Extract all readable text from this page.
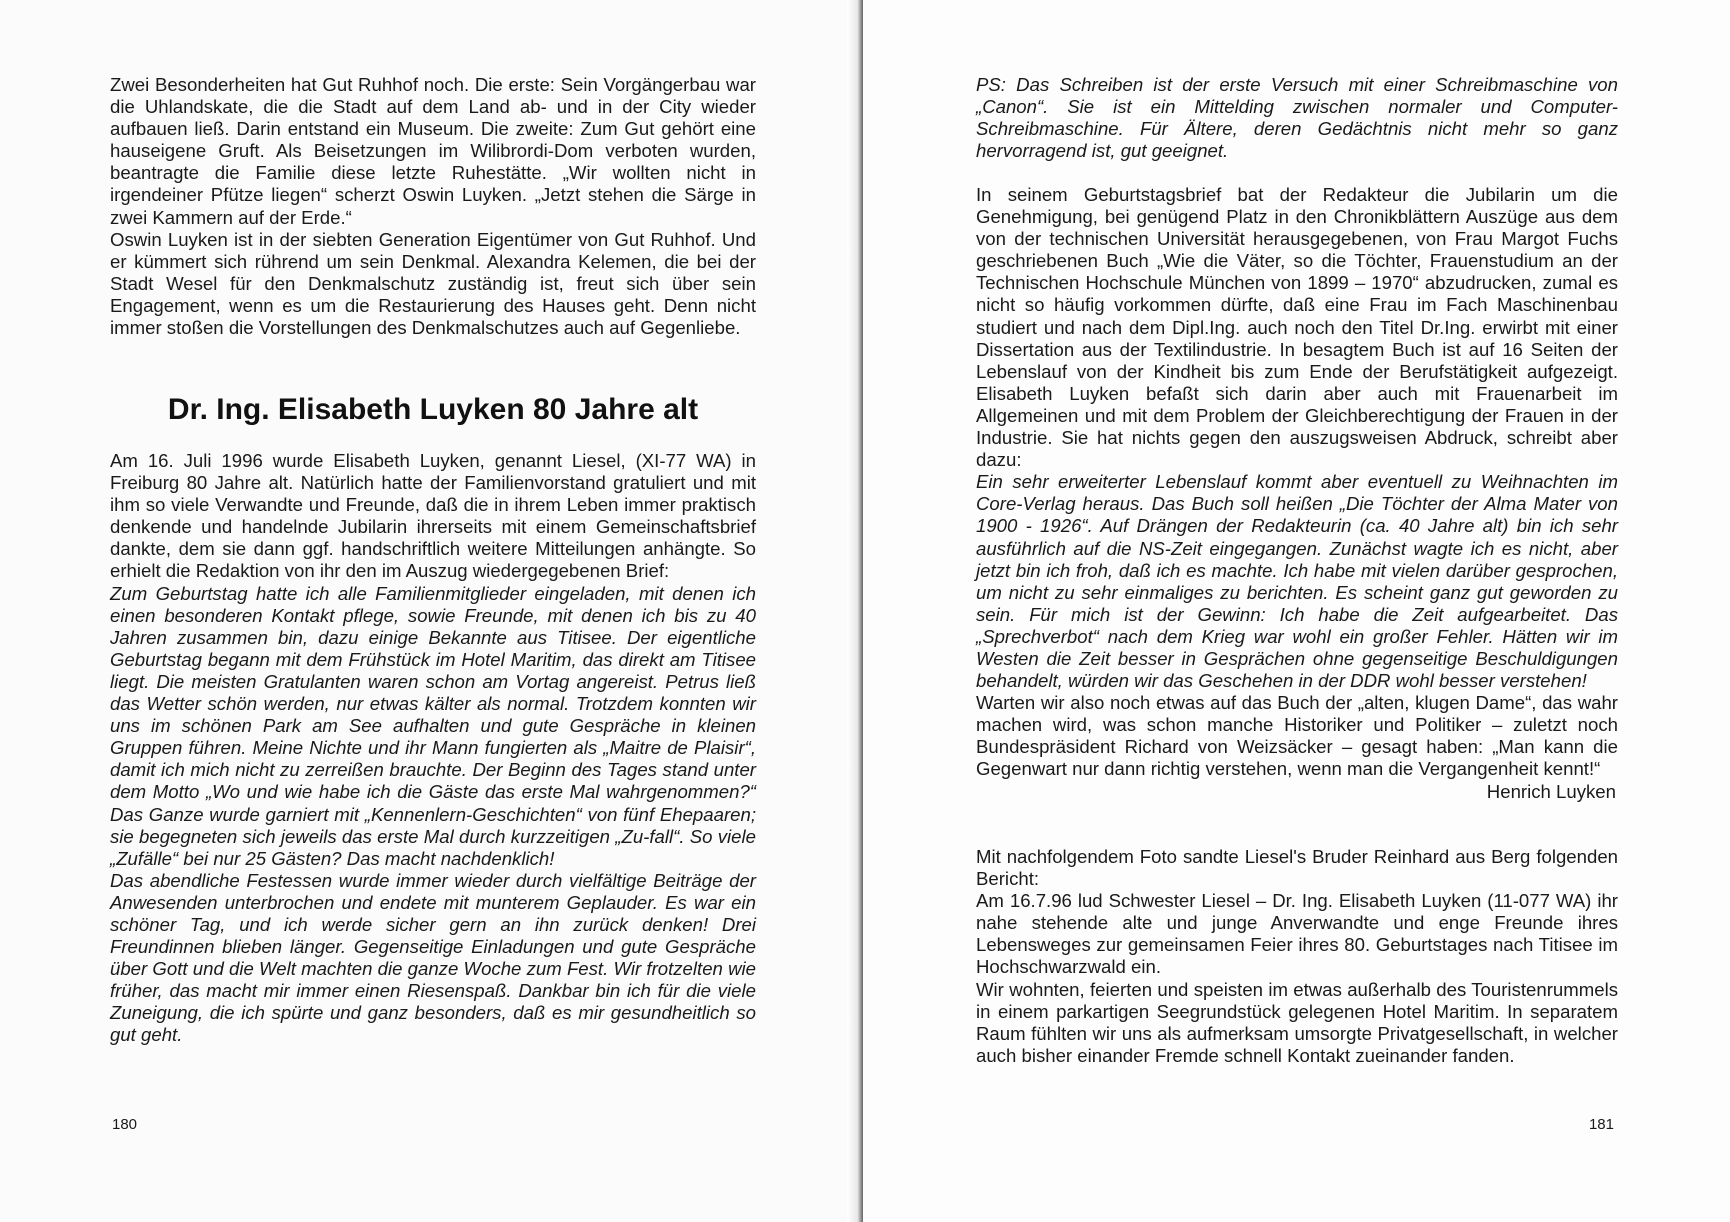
Zwei Besonderheiten hat Gut Ruhhof noch. Die erste: Sein Vorgängerbau war die Uhlandskate, die die Stadt auf dem Land ab- und in der City wieder aufbauen ließ. Darin entstand ein Museum. Die zweite: Zum Gut gehört eine hauseigene Gruft. Als Beisetzungen im Wilibrordi-Dom verboten wurden, beantragte die Familie diese letzte Ruhestätte. „Wir wollten nicht in irgendeiner Pfütze liegen“ scherzt Oswin Luyken. „Jetzt stehen die Särge in zwei Kammern auf der Erde.“

Oswin Luyken ist in der siebten Generation Eigentümer von Gut Ruhhof. Und er kümmert sich rührend um sein Denkmal. Alexandra Kelemen, die bei der Stadt Wesel für den Denkmalschutz zuständig ist, freut sich über sein Engagement, wenn es um die Restaurierung des Hauses geht. Denn nicht immer stoßen die Vorstellungen des Denkmalschutzes auch auf Gegenliebe.

Dr. Ing. Elisabeth Luyken 80 Jahre alt

Am 16. Juli 1996 wurde Elisabeth Luyken, genannt Liesel, (XI-77 WA) in Freiburg 80 Jahre alt. Natürlich hatte der Familienvorstand gratuliert und mit ihm so viele Verwandte und Freunde, daß die in ihrem Leben immer praktisch denkende und handelnde Jubilarin ihrerseits mit einem Gemeinschaftsbrief dankte, dem sie dann ggf. handschriftlich weitere Mitteilungen anhängte. So erhielt die Redaktion von ihr den im Auszug wiedergegebenen Brief:

Zum Geburtstag hatte ich alle Familienmitglieder eingeladen, mit denen ich einen besonderen Kontakt pflege, sowie Freunde, mit denen ich bis zu 40 Jahren zusammen bin, dazu einige Bekannte aus Titisee. Der eigentliche Geburtstag begann mit dem Frühstück im Hotel Maritim, das direkt am Titisee liegt. Die meisten Gratulanten waren schon am Vortag angereist. Petrus ließ das Wetter schön werden, nur etwas kälter als normal. Trotzdem konnten wir uns im schönen Park am See aufhalten und gute Gespräche in kleinen Gruppen führen. Meine Nichte und ihr Mann fungierten als „Maitre de Plaisir“, damit ich mich nicht zu zerreißen brauchte. Der Beginn des Tages stand unter dem Motto „Wo und wie habe ich die Gäste das erste Mal wahrgenommen?“ Das Ganze wurde garniert mit „Kennenlern-Geschichten“ von fünf Ehepaaren; sie begegneten sich jeweils das erste Mal durch kurzzeitigen „Zu-fall“. So viele „Zufälle“ bei nur 25 Gästen? Das macht nachdenklich!

Das abendliche Festessen wurde immer wieder durch vielfältige Beiträge der Anwesenden unterbrochen und endete mit munterem Geplauder. Es war ein schöner Tag, und ich werde sicher gern an ihn zurück denken! Drei Freundinnen blieben länger. Gegenseitige Einladungen und gute Gespräche über Gott und die Welt machten die ganze Woche zum Fest. Wir frotzelten wie früher, das macht mir immer einen Riesenspaß. Dankbar bin ich für die viele Zuneigung, die ich spürte und ganz besonders, daß es mir gesundheitlich so gut geht.

180

PS: Das Schreiben ist der erste Versuch mit einer Schreibmaschine von „Canon“. Sie ist ein Mittelding zwischen normaler und Computer-Schreibmaschine. Für Ältere, deren Gedächtnis nicht mehr so ganz hervorragend ist, gut geeignet.

In seinem Geburtstagsbrief bat der Redakteur die Jubilarin um die Genehmigung, bei genügend Platz in den Chronikblättern Auszüge aus dem von der technischen Universität herausgegebenen, von Frau Margot Fuchs geschriebenen Buch „Wie die Väter, so die Töchter, Frauenstudium an der Technischen Hochschule München von 1899 – 1970“ abzudrucken, zumal es nicht so häufig vorkommen dürfte, daß eine Frau im Fach Maschinenbau studiert und nach dem Dipl.Ing. auch noch den Titel Dr.Ing. erwirbt mit einer Dissertation aus der Textilindustrie. In besagtem Buch ist auf 16 Seiten der Lebenslauf von der Kindheit bis zum Ende der Berufstätigkeit aufgezeigt. Elisabeth Luyken befaßt sich darin aber auch mit Frauenarbeit im Allgemeinen und mit dem Problem der Gleichberechtigung der Frauen in der Industrie. Sie hat nichts gegen den auszugsweisen Abdruck, schreibt aber dazu:

Ein sehr erweiterter Lebenslauf kommt aber eventuell zu Weihnachten im Core-Verlag heraus. Das Buch soll heißen „Die Töchter der Alma Mater von 1900 - 1926“. Auf Drängen der Redakteurin (ca. 40 Jahre alt) bin ich sehr ausführlich auf die NS-Zeit eingegangen. Zunächst wagte ich es nicht, aber jetzt bin ich froh, daß ich es machte. Ich habe mit vielen darüber gesprochen, um nicht zu sehr einmaliges zu berichten. Es scheint ganz gut geworden zu sein. Für mich ist der Gewinn: Ich habe die Zeit aufgearbeitet. Das „Sprechverbot“ nach dem Krieg war wohl ein großer Fehler. Hätten wir im Westen die Zeit besser in Gesprächen ohne gegenseitige Beschuldigungen behandelt, würden wir das Geschehen in der DDR wohl besser verstehen!

Warten wir also noch etwas auf das Buch der „alten, klugen Dame“, das wahr machen wird, was schon manche Historiker und Politiker – zuletzt noch Bundespräsident Richard von Weizsäcker – gesagt haben: „Man kann die Gegenwart nur dann richtig verstehen, wenn man die Vergangenheit kennt!“

Henrich Luyken

Mit nachfolgendem Foto sandte Liesel's Bruder Reinhard aus Berg folgenden Bericht:

Am 16.7.96 lud Schwester Liesel – Dr. Ing. Elisabeth Luyken (11-077 WA) ihr nahe stehende alte und junge Anverwandte und enge Freunde ihres Lebensweges zur gemeinsamen Feier ihres 80. Geburtstages nach Titisee im Hochschwarzwald ein.

Wir wohnten, feierten und speisten im etwas außerhalb des Touristenrummels in einem parkartigen Seegrundstück gelegenen Hotel Maritim. In separatem Raum fühlten wir uns als aufmerksam umsorgte Privatgesellschaft, in welcher auch bisher einander Fremde schnell Kontakt zueinander fanden.

181
